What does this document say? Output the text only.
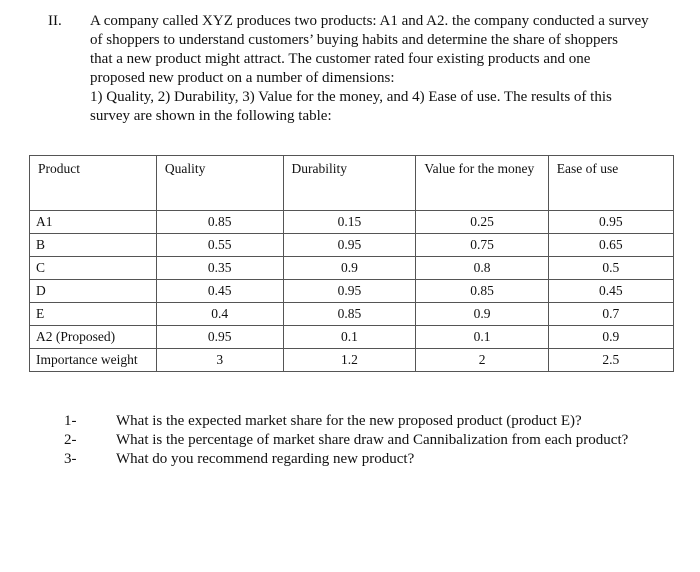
II. A company called XYZ produces two products: A1 and A2. the company conducted a survey
of shoppers to understand customers’ buying habits and determine the share of shoppers
that a new product might attract. The customer rated four existing products and one
proposed new product on a number of dimensions:
1) Quality, 2) Durability, 3) Value for the money, and 4) Ease of use. The results of this
survey are shown in the following table:
Product	Quality	Durability	Value for the money	Ease of use
A1	0.85	0.15	0.25	0.95
B	0.55	0.95	0.75	0.65
C	0.35	0.9	0.8	0.5
D	0.45	0.95	0.85	0.45
E	0.4	0.85	0.9	0.7
A2 (Proposed)	0.95	0.1	0.1	0.9
Importance weight	3	1.2	2	2.5
1-	What is the expected market share for the new proposed product (product E)?
2-	What is the percentage of market share draw and Cannibalization from each product?
3-	What do you recommend regarding new product?
